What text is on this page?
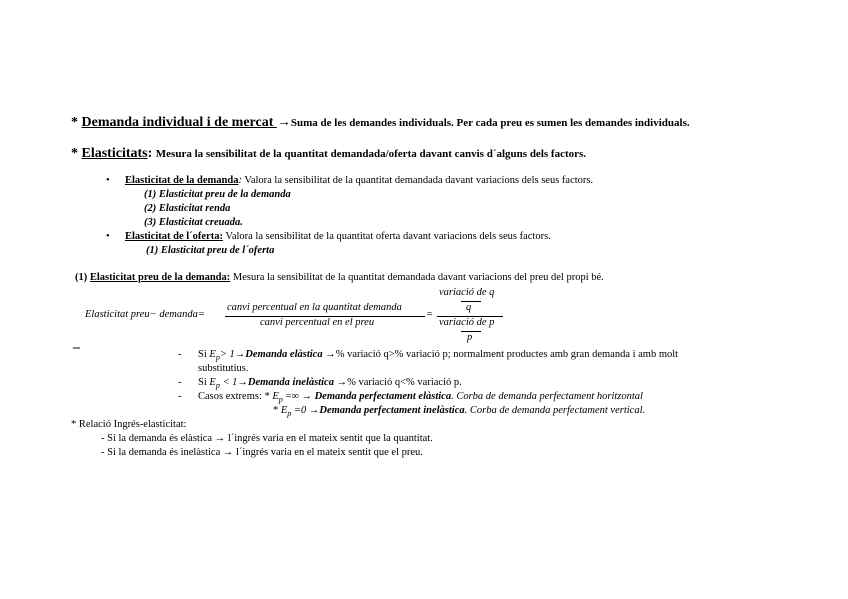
* Demanda individual i de mercat →Suma de les demandes individuals. Per cada preu es sumen les demandes individuals.
* Elasticitats: Mesura la sensibilitat de la quantitat demandada/oferta davant canvis d´alguns dels factors.
• Elasticitat de la demanda: Valora la sensibilitat de la quantitat demandada davant variacions dels seus factors.
(1) Elasticitat preu de la demanda
(2) Elasticitat renda
(3) Elasticitat creuada.
• Elasticitat de l´oferta: Valora la sensibilitat de la quantitat oferta davant variacions dels seus factors.
(1) Elasticitat preu de l´oferta
(1) Elasticitat preu de la demanda: Mesura la sensibilitat de la quantitat demandada davant variacions del preu del propi bé.
Elasticitat preu− demanda=
canvi percentual en la quantitat demanda
canvi percentual en el preu
=
variació de q
q
variació de p
p
–	- Si $E_p>$ 1→Demanda elàstica →% variació q>% variació p; normalment productes amb gran demanda i amb molt
substitutius.
- Si $E_p$ < 1→Demanda inelàstica →% variació q<% variació p.
- Casos extrems: * $E_p$ =∞ → Demanda perfectament elàstica. Corba de demanda perfectament horitzontal
* $E_p =0$ →Demanda perfectament inelàstica. Corba de demanda perfectament vertical.
* Relació Ingrés-elasticitat:
- Si la demanda és elàstica → l´ingrés varia en el mateix sentit que la quantitat.
- Si la demanda és inelàstica → l´ingrés varia en el mateix sentit que el preu.
